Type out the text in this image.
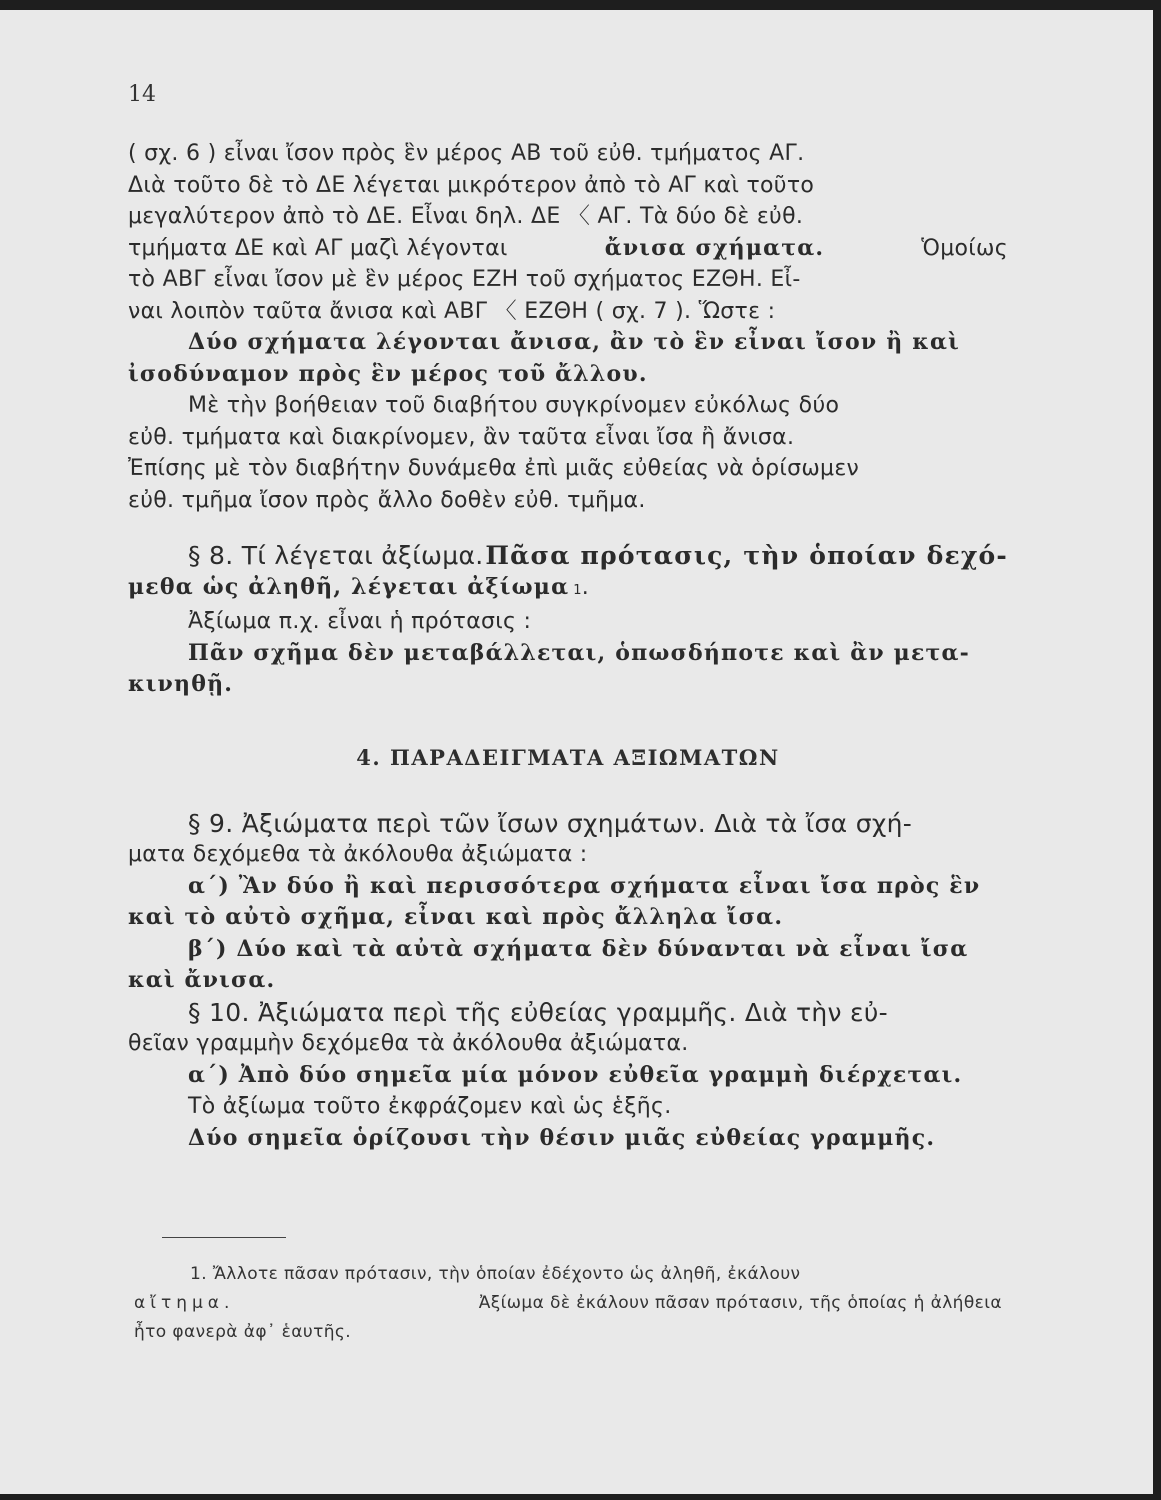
14
( σχ. 6 ) εἶναι ἴσον πρὸς ἓν μέρος ΑΒ τοῦ εὐθ. τμήματος ΑΓ.
Διὰ τοῦτο δὲ τὸ ΔΕ λέγεται μικρότερον ἀπὸ τὸ ΑΓ καὶ τοῦτο
μεγαλύτερον ἀπὸ τὸ ΔΕ. Εἶναι δηλ. ΔΕ 〈 ΑΓ. Τὰ δύο δὲ εὐθ.
τμήματα ΔΕ καὶ ΑΓ μαζὶ λέγονται	ἄνισα σχήματα.	Ὁμοίως
τὸ ΑΒΓ εἶναι ἴσον μὲ ἓν μέρος ΕΖΗ τοῦ σχήματος ΕΖΘΗ. Εἶ-
ναι λοιπὸν ταῦτα ἄνισα καὶ ΑΒΓ 〈 ΕΖΘΗ ( σχ. 7 ). Ὥστε :
Δύο σχήματα λέγονται ἄνισα, ἂν τὸ ἓν εἶναι ἴσον ἢ καὶ
ἰσοδύναμον πρὸς ἓν μέρος τοῦ ἄλλου.
Μὲ τὴν βοήθειαν τοῦ διαβήτου συγκρίνομεν εὐκόλως δύο
εὐθ. τμήματα καὶ διακρίνομεν, ἂν ταῦτα εἶναι ἴσα ἢ ἄνισα.
Ἐπίσης μὲ τὸν διαβήτην δυνάμεθα ἐπὶ μιᾶς εὐθείας νὰ ὁρίσωμεν
εὐθ. τμῆμα ἴσον πρὸς ἄλλο δοθὲν εὐθ. τμῆμα.
§ 8. Τί λέγεται ἀξίωμα. Πᾶσα πρότασις, τὴν ὁποίαν δεχό-
μεθα ὡς ἀληθῆ, λέγεται ἀξίωμα 1 .
Ἀξίωμα π.χ. εἶναι ἡ πρότασις :
Πᾶν σχῆμα δὲν μεταβάλλεται, ὁπωσδήποτε καὶ ἂν μετα-
κινηθῇ.
4. ΠΑΡΑΔΕΙΓΜΑΤΑ ΑΞΙΩΜΑΤΩΝ
§ 9. Ἀξιώματα περὶ τῶν ἴσων σχημάτων. Διὰ τὰ ἴσα σχή-
ματα δεχόμεθα τὰ ἀκόλουθα ἀξιώματα :
α΄) Ἂν δύο ἢ καὶ περισσότερα σχήματα εἶναι ἴσα πρὸς ἓν
καὶ τὸ αὐτὸ σχῆμα, εἶναι καὶ πρὸς ἄλληλα ἴσα.
β΄) Δύο καὶ τὰ αὐτὰ σχήματα δὲν δύνανται νὰ εἶναι ἴσα
καὶ ἄνισα.
§ 10. Ἀξιώματα περὶ τῆς εὐθείας γραμμῆς. Διὰ τὴν εὐ-
θεῖαν γραμμὴν δεχόμεθα τὰ ἀκόλουθα ἀξιώματα.
α΄) Ἀπὸ δύο σημεῖα μία μόνον εὐθεῖα γραμμὴ διέρχεται.
Τὸ ἀξίωμα τοῦτο ἐκφράζομεν καὶ ὡς ἑξῆς.
Δύο σημεῖα ὁρίζουσι τὴν θέσιν μιᾶς εὐθείας γραμμῆς.
1. Ἄλλοτε πᾶσαν πρότασιν, τὴν ὁποίαν ἐδέχοντο ὡς ἀληθῆ, ἐκάλουν
αἴτημα.	Ἀξίωμα δὲ ἐκάλουν πᾶσαν πρότασιν, τῆς ὁποίας ἡ ἀλήθεια
ἦτο φανερὰ ἀφ᾽ ἑαυτῆς.
